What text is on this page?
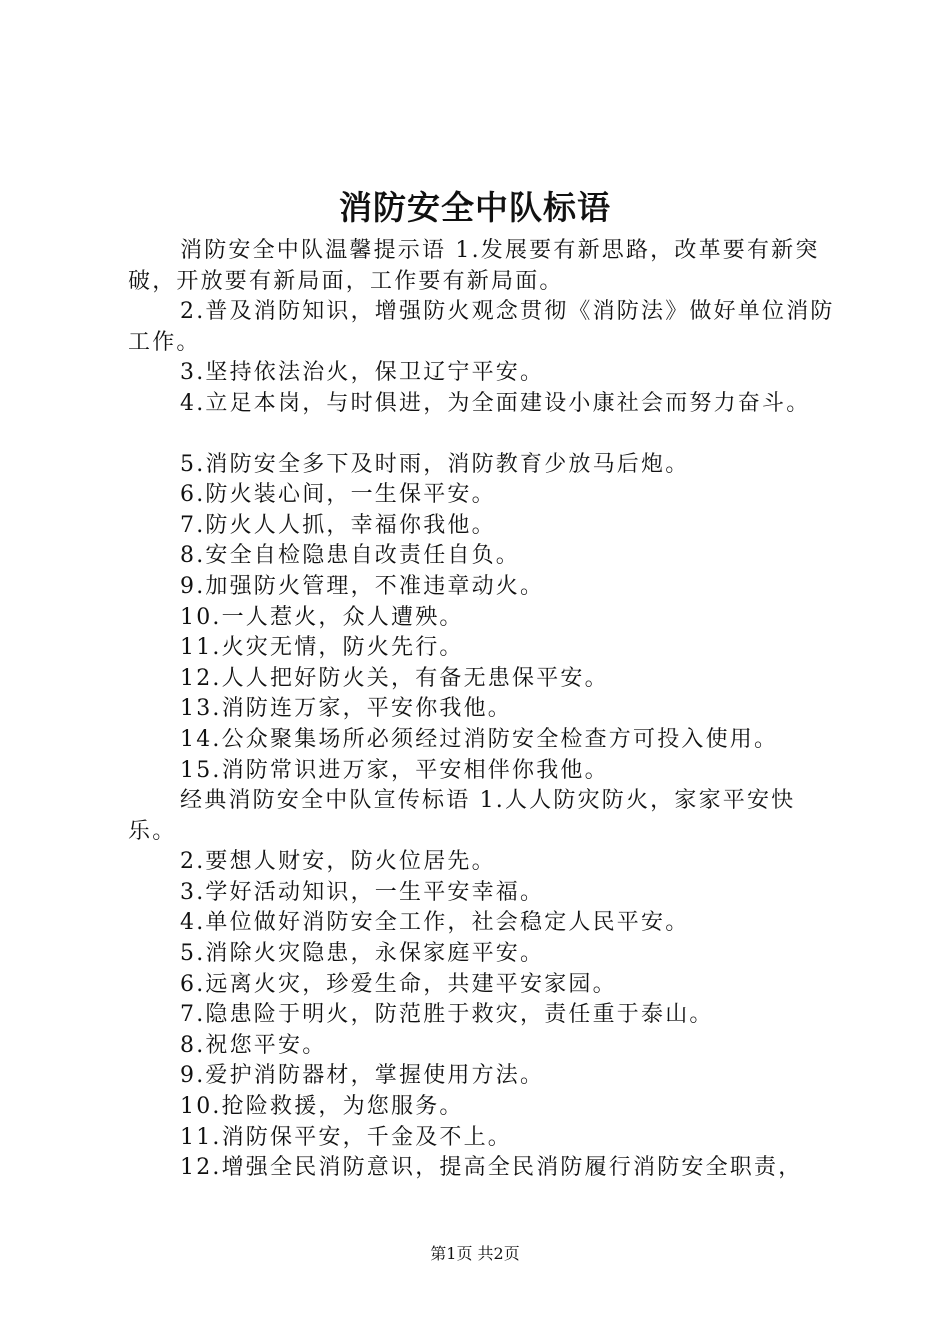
消防安全中队标语

消防安全中队温馨提示语 1.发展要有新思路，改革要有新突破，开放要有新局面，工作要有新局面。

2.普及消防知识，增强防火观念贯彻《消防法》做好单位消防工作。

3.坚持依法治火，保卫辽宁平安。

4.立足本岗，与时俱进，为全面建设小康社会而努力奋斗。

5.消防安全多下及时雨，消防教育少放马后炮。

6.防火装心间，一生保平安。

7.防火人人抓，幸福你我他。

8.安全自检隐患自改责任自负。

9.加强防火管理，不准违章动火。

10.一人惹火，众人遭殃。

11.火灾无情，防火先行。

12.人人把好防火关，有备无患保平安。

13.消防连万家，平安你我他。

14.公众聚集场所必须经过消防安全检查方可投入使用。

15.消防常识进万家，平安相伴你我他。

经典消防安全中队宣传标语 1.人人防灾防火，家家平安快乐。

2.要想人财安，防火位居先。

3.学好活动知识，一生平安幸福。

4.单位做好消防安全工作，社会稳定人民平安。

5.消除火灾隐患，永保家庭平安。

6.远离火灾，珍爱生命，共建平安家园。

7.隐患险于明火，防范胜于救灾，责任重于泰山。

8.祝您平安。

9.爱护消防器材，掌握使用方法。

10.抢险救援，为您服务。

11.消防保平安，千金及不上。

12.增强全民消防意识，提高全民消防履行消防安全职责，

第1页 共2页
